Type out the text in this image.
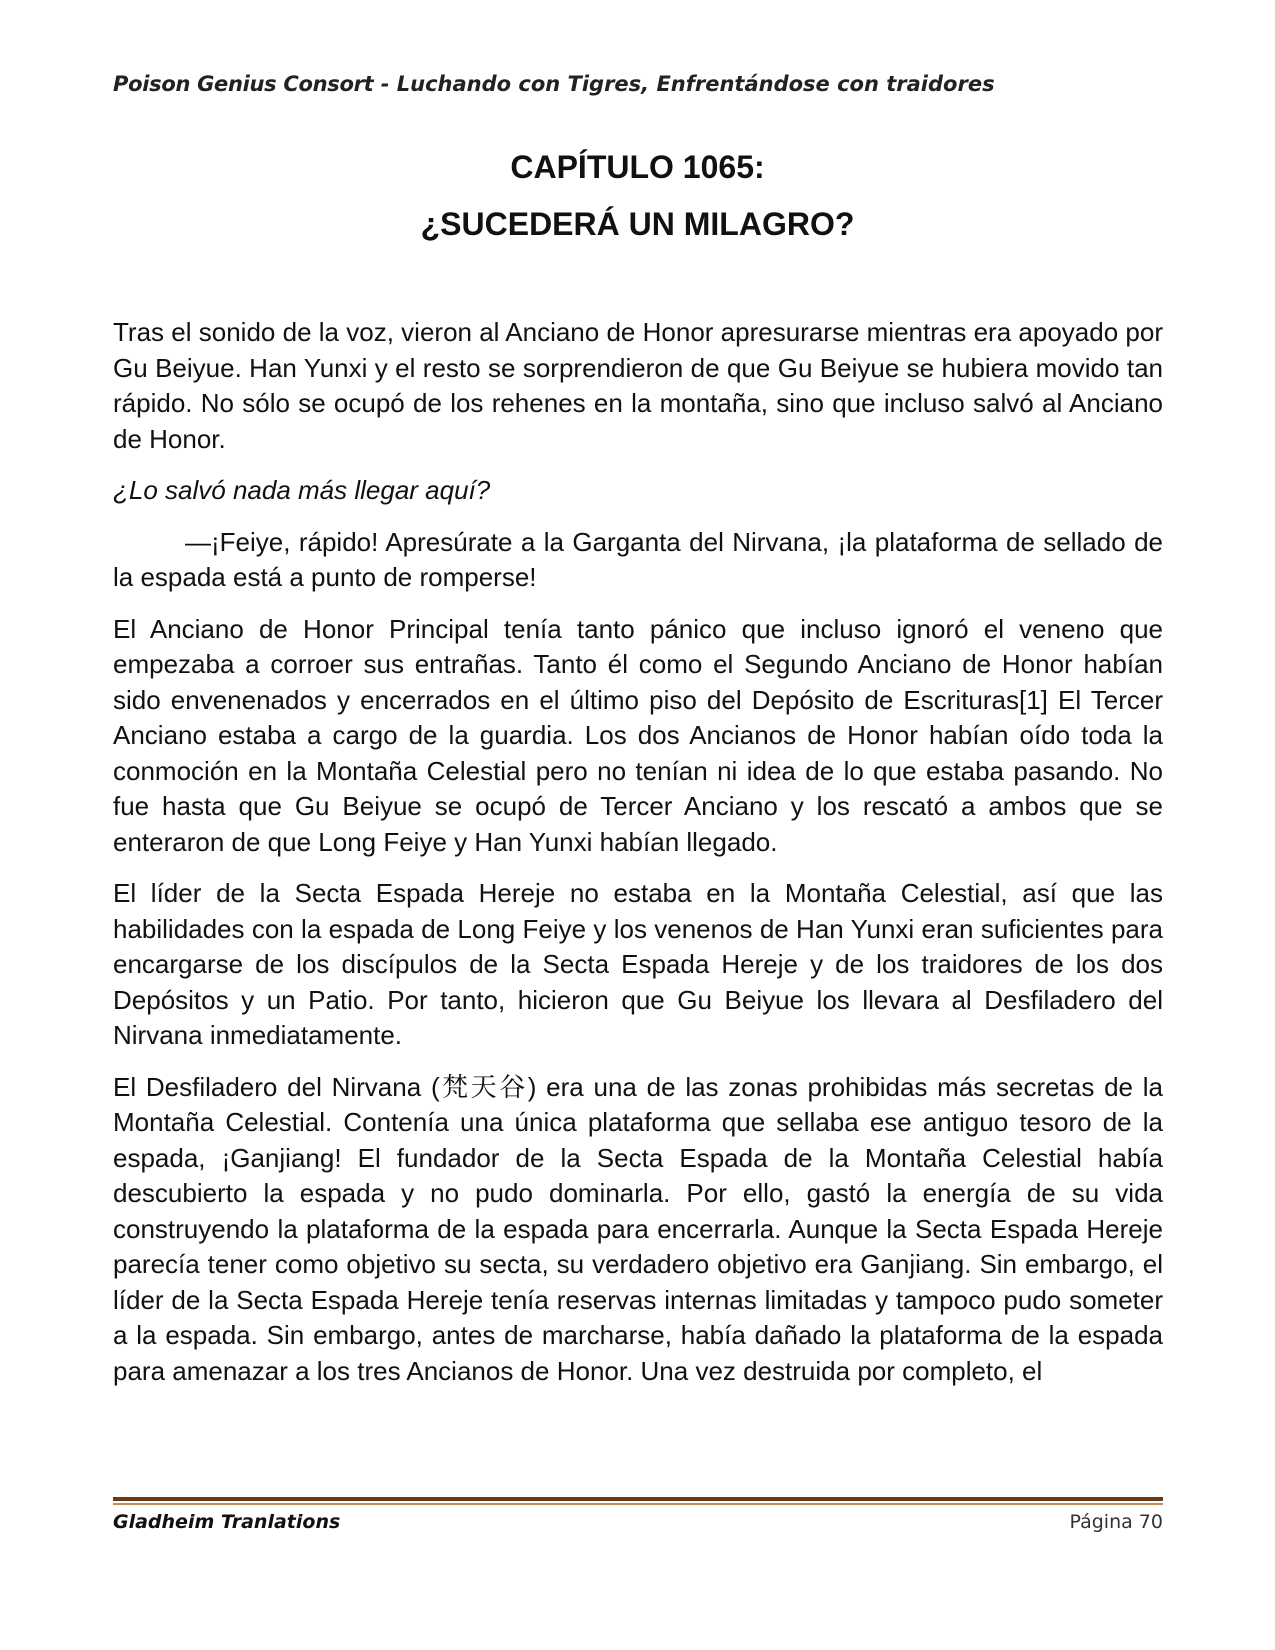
Poison Genius Consort - Luchando con Tigres, Enfrentándose con traidores
CAPÍTULO 1065:
¿SUCEDERÁ UN MILAGRO?

Tras el sonido de la voz, vieron al Anciano de Honor apresurarse mientras era apoyado por Gu Beiyue. Han Yunxi y el resto se sorprendieron de que Gu Beiyue se hubiera movido tan rápido. No sólo se ocupó de los rehenes en la montaña, sino que incluso salvó al Anciano de Honor.

¿Lo salvó nada más llegar aquí?

—¡Feiye, rápido! Apresúrate a la Garganta del Nirvana, ¡la plataforma de sellado de la espada está a punto de romperse!

El Anciano de Honor Principal tenía tanto pánico que incluso ignoró el veneno que empezaba a corroer sus entrañas. Tanto él como el Segundo Anciano de Honor habían sido envenenados y encerrados en el último piso del Depósito de Escrituras[1] El Tercer Anciano estaba a cargo de la guardia. Los dos Ancianos de Honor habían oído toda la conmoción en la Montaña Celestial pero no tenían ni idea de lo que estaba pasando. No fue hasta que Gu Beiyue se ocupó de Tercer Anciano y los rescató a ambos que se enteraron de que Long Feiye y Han Yunxi habían llegado.

El líder de la Secta Espada Hereje no estaba en la Montaña Celestial, así que las habilidades con la espada de Long Feiye y los venenos de Han Yunxi eran suficientes para encargarse de los discípulos de la Secta Espada Hereje y de los traidores de los dos Depósitos y un Patio. Por tanto, hicieron que Gu Beiyue los llevara al Desfiladero del Nirvana inmediatamente.

El Desfiladero del Nirvana (梵天谷) era una de las zonas prohibidas más secretas de la Montaña Celestial. Contenía una única plataforma que sellaba ese antiguo tesoro de la espada, ¡Ganjiang! El fundador de la Secta Espada de la Montaña Celestial había descubierto la espada y no pudo dominarla. Por ello, gastó la energía de su vida construyendo la plataforma de la espada para encerrarla. Aunque la Secta Espada Hereje parecía tener como objetivo su secta, su verdadero objetivo era Ganjiang. Sin embargo, el líder de la Secta Espada Hereje tenía reservas internas limitadas y tampoco pudo someter a la espada. Sin embargo, antes de marcharse, había dañado la plataforma de la espada para amenazar a los tres Ancianos de Honor. Una vez destruida por completo, el

Gladheim Tranlations	Página 70
